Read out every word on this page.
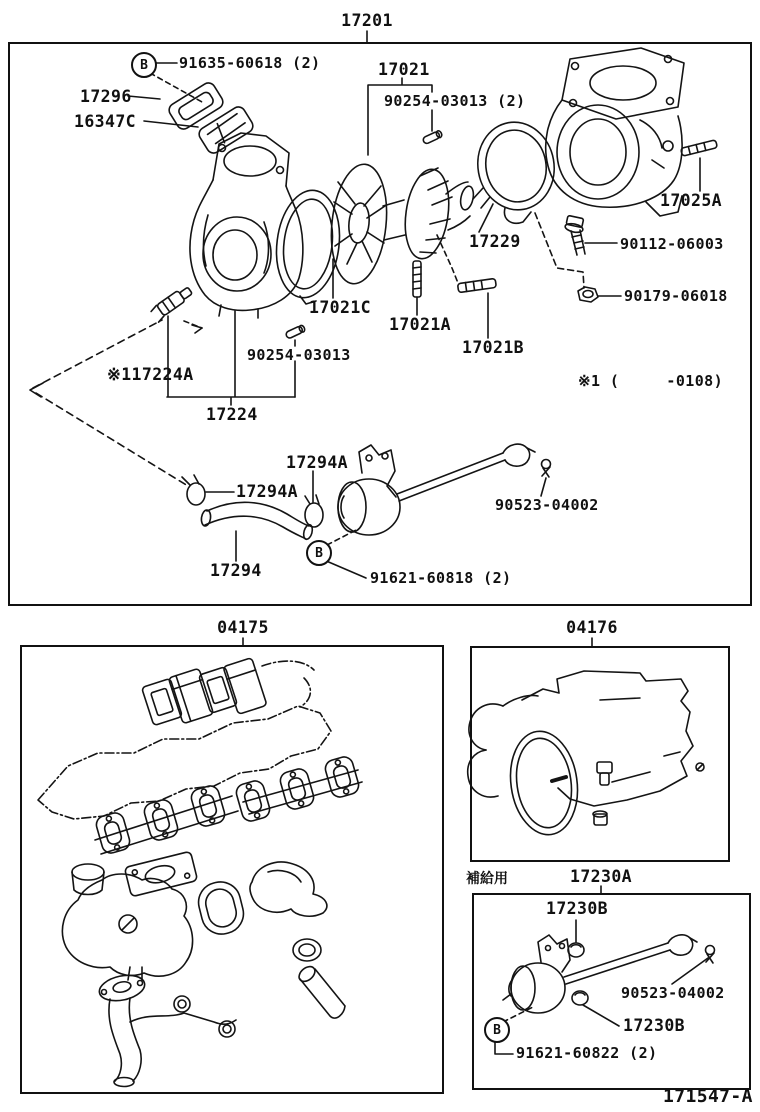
17201
B 91635-60618 (2)
17296
16347C
17021
90254-03013 (2)
17229
17025A
90112-06003
90179-06018
17021C
17021A
17021B
90254-03013
※117224A
17224
※1 (     -0108)
17294A
17294A
17294
90523-04002
B
91621-60818 (2)
04175	04176
補給用	17230A
17230B
90523-04002
17230B
B
91621-60822 (2)
171547-A
